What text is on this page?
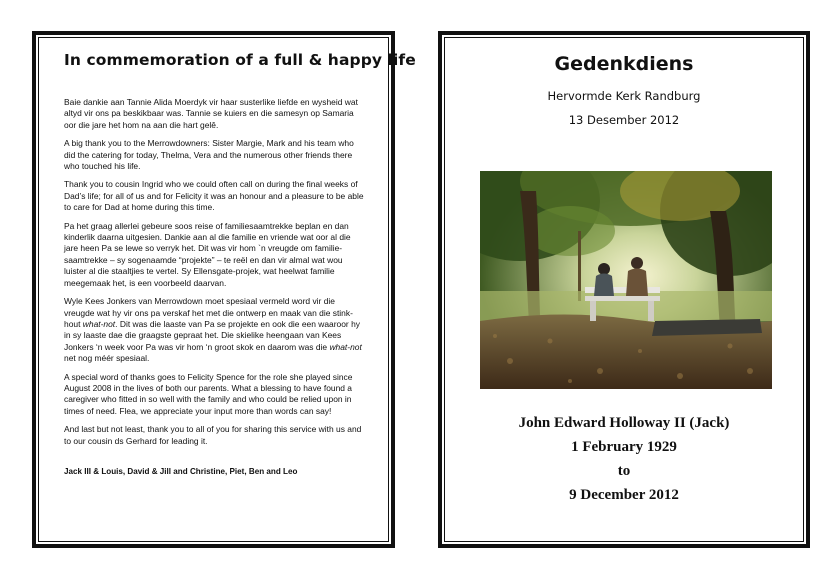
In commemoration of a full & happy life

Baie dankie aan Tannie Alida Moerdyk vir haar susterlike liefde en wysheid wat altyd vir ons pa beskikbaar was. Tannie se kuiers en die samesyn op Samaria oor die jare het hom na aan die hart gelê.

A big thank you to the Merrowdowners: Sister Margie, Mark and his team who did the catering for today, Thelma, Vera and the numerous other friends there who touched his life.

Thank you to cousin Ingrid who we could often call on during the final weeks of Dad’s life; for all of us and for Felicity it was an honour and a pleasure to be able to care for Dad at home during this time.

Pa het graag allerlei gebeure soos reise of familiesaamtrekke beplan en dan kinderlik daarna uitgesien. Dankie aan al die familie en vriende wat oor al die jare heen Pa se lewe so verryk het. Dit was vir hom `n vreugde om familie-saamtrekke – sy sogenaamde “projekte” – te reël en dan vir almal wat wou luister al die staaltjies te vertel. Sy Ellensgate-projek, wat heelwat familie meegemaak het, is een voorbeeld daarvan.

Wyle Kees Jonkers van Merrowdown moet spesiaal vermeld word vir die vreugde wat hy vir ons pa verskaf het met die ontwerp en maak van die stink-hout what-not. Dit was die laaste van Pa se projekte en ook die een waaroor hy in sy laaste dae die graagste gepraat het. Die skielike heengaan van Kees Jonkers ‘n week voor Pa was vir hom ‘n groot skok en daarom was die what-not net nog méér spesiaal.

A special word of thanks goes to Felicity Spence for the role she played since August 2008 in the lives of both our parents. What a blessing to have found a caregiver who fitted in so well with the family and who could be relied upon in times of need. Flea, we appreciate your input more than words can say!

And last but not least, thank you to all of you for sharing this service with us and to our cousin ds Gerhard for leading it.

Jack III & Louis, David & Jill and Christine, Piet, Ben and Leo
Gedenkdiens
Hervormde Kerk Randburg
13 Desember 2012
John Edward Holloway II (Jack)
1 February 1929
to
9 December 2012
